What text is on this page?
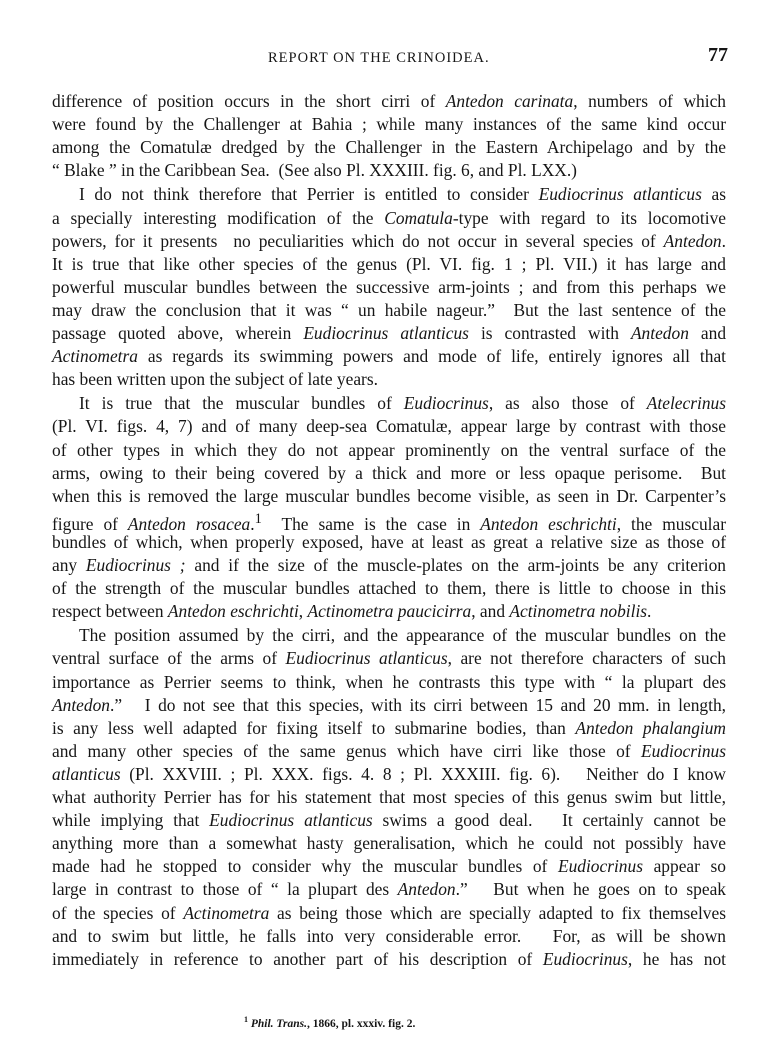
REPORT ON THE CRINOIDEA.	77
difference of position occurs in the short cirri of Antedon carinata, numbers of which
were found by the Challenger at Bahia ; while many instances of the same kind occur
among the Comatulæ dredged by the Challenger in the Eastern Archipelago and by the
“ Blake ” in the Caribbean Sea.  (See also Pl. XXXIII. fig. 6, and Pl. LXX.)
I do not think therefore that Perrier is entitled to consider Eudiocrinus atlanticus as
a specially interesting modification of the Comatula-type with regard to its locomotive
powers, for it presents  no peculiarities which do not occur in several species of Antedon.
It is true that like other species of the genus (Pl. VI. fig. 1 ; Pl. VII.) it has large and
powerful muscular bundles between the successive arm-joints ; and from this perhaps we
may draw the conclusion that it was “ un habile nageur.”  But the last sentence of the
passage quoted above, wherein Eudiocrinus atlanticus is contrasted with Antedon and
Actinometra as regards its swimming powers and mode of life, entirely ignores all that
has been written upon the subject of late years.
It is true that the muscular bundles of Eudiocrinus, as also those of Atelecrinus
(Pl. VI. figs. 4, 7) and of many deep-sea Comatulæ, appear large by contrast with those
of other types in which they do not appear prominently on the ventral surface of the
arms, owing to their being covered by a thick and more or less opaque perisome.  But
when this is removed the large muscular bundles become visible, as seen in Dr. Carpenter’s
figure of Antedon rosacea.$^1$  The same is the case in Antedon eschrichti, the muscular
bundles of which, when properly exposed, have at least as great a relative size as those of
any Eudiocrinus ; and if the size of the muscle-plates on the arm-joints be any criterion
of the strength of the muscular bundles attached to them, there is little to choose in this
respect between Antedon eschrichti, Actinometra paucicirra, and Actinometra nobilis.
The position assumed by the cirri, and the appearance of the muscular bundles on the
ventral surface of the arms of Eudiocrinus atlanticus, are not therefore characters of such
importance as Perrier seems to think, when he contrasts this type with “ la plupart des
Antedon.”   I do not see that this species, with its cirri between 15 and 20 mm. in length,
is any less well adapted for fixing itself to submarine bodies, than Antedon phalangium
and many other species of the same genus which have cirri like those of Eudiocrinus
atlanticus (Pl. XXVIII. ; Pl. XXX. figs. 4. 8 ; Pl. XXXIII. fig. 6).   Neither do I know
what authority Perrier has for his statement that most species of this genus swim but little,
while implying that Eudiocrinus atlanticus swims a good deal.   It certainly cannot be
anything more than a somewhat hasty generalisation, which he could not possibly have
made had he stopped to consider why the muscular bundles of Eudiocrinus appear so
large in contrast to those of “ la plupart des Antedon.”   But when he goes on to speak
of the species of Actinometra as being those which are specially adapted to fix themselves
and to swim but little, he falls into very considerable error.   For, as will be shown
immediately in reference to another part of his description of Eudiocrinus, he has not
$^1$ Phil. Trans., 1866, pl. xxxiv. fig. 2.
